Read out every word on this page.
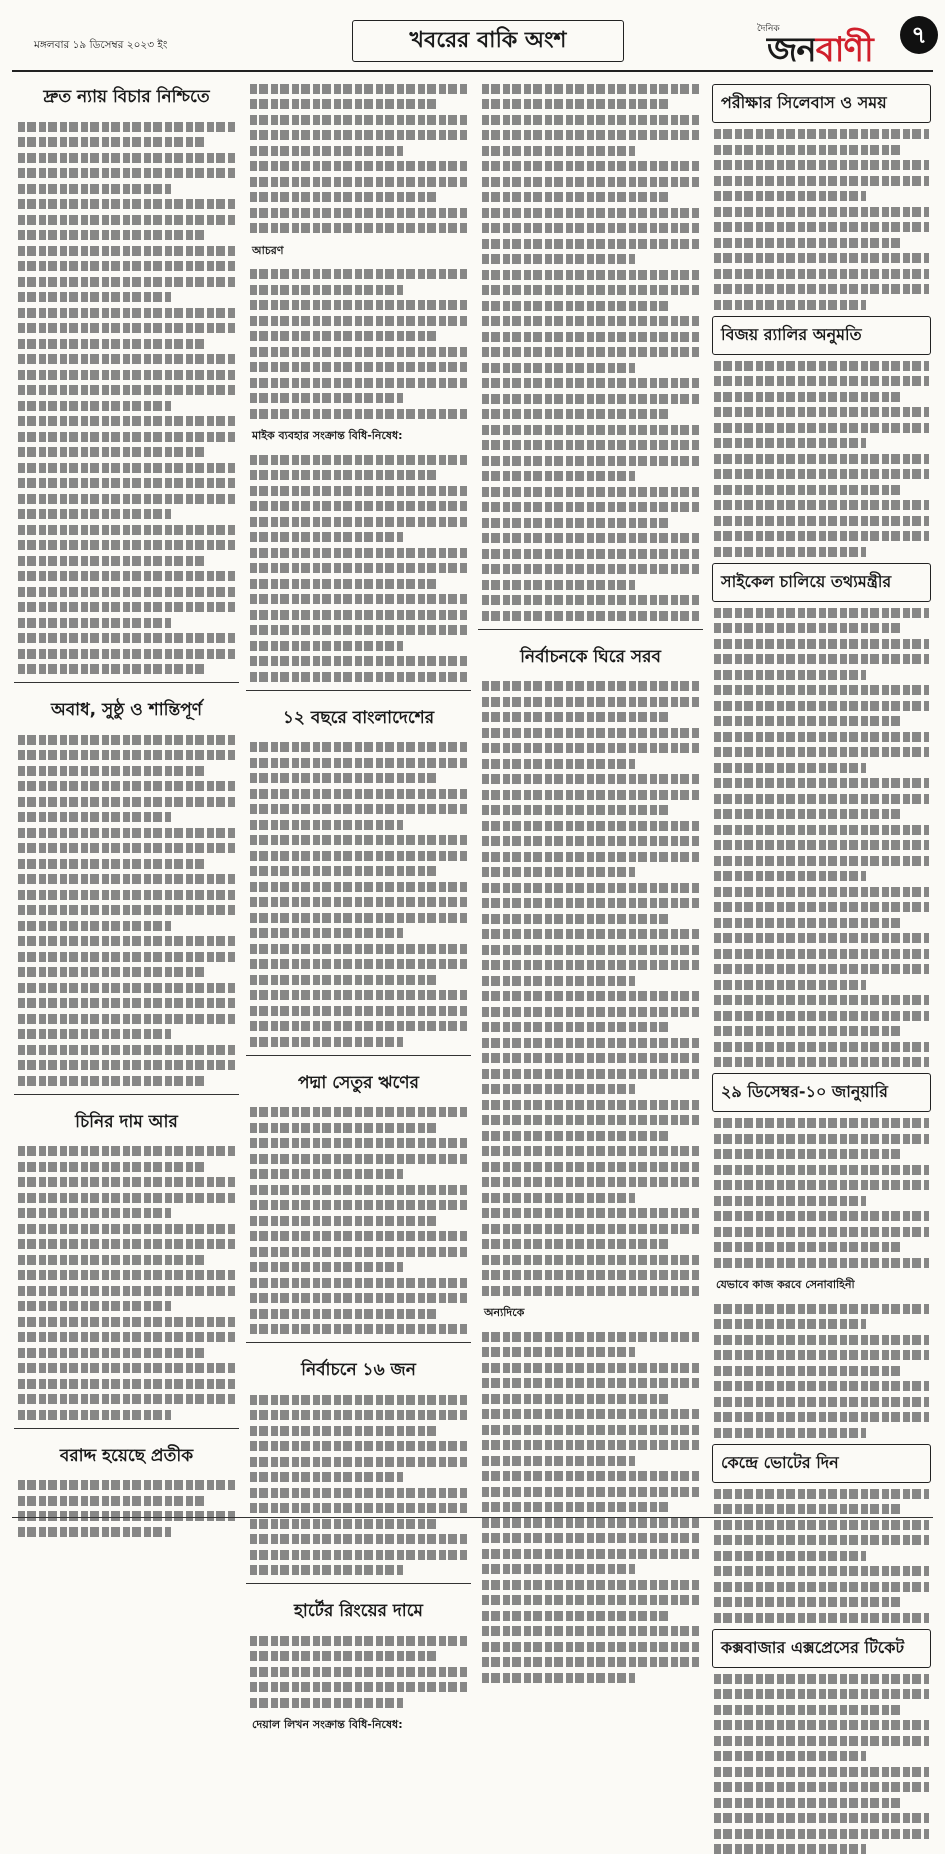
মঙ্গলবার ১৯ ডিসেম্বর ২০২৩ ইং	খবরের বাকি অংশ	দৈনিক
জনবাণী	৭
দ্রুত ন্যায় বিচার নিশ্চিতে
অবাধ, সুষ্ঠু ও শান্তিপূর্ণ
চিনির দাম আর
বরাদ্দ হয়েছে প্রতীক
আচরণ
মাইক ব্যবহার সংক্রান্ত বিধি-নিষেধ:
১২ বছরে বাংলাদেশের
পদ্মা সেতুর ঋণের
নির্বাচনে ১৬ জন
হার্টের রিংয়ের দামে
দেয়াল লিখন সংক্রান্ত বিধি-নিষেধ:
নির্বাচনকে ঘিরে সরব
অন্যদিকে
পরীক্ষার সিলেবাস ও সময়
বিজয় র‌্যালির অনুমতি
সাইকেল চালিয়ে তথ্যমন্ত্রীর
২৯ ডিসেম্বর-১০ জানুয়ারি
যেভাবে কাজ করবে সেনাবাহিনী
কেন্দ্রে ভোটের দিন
কক্সবাজার এক্সপ্রেসের টিকেট
